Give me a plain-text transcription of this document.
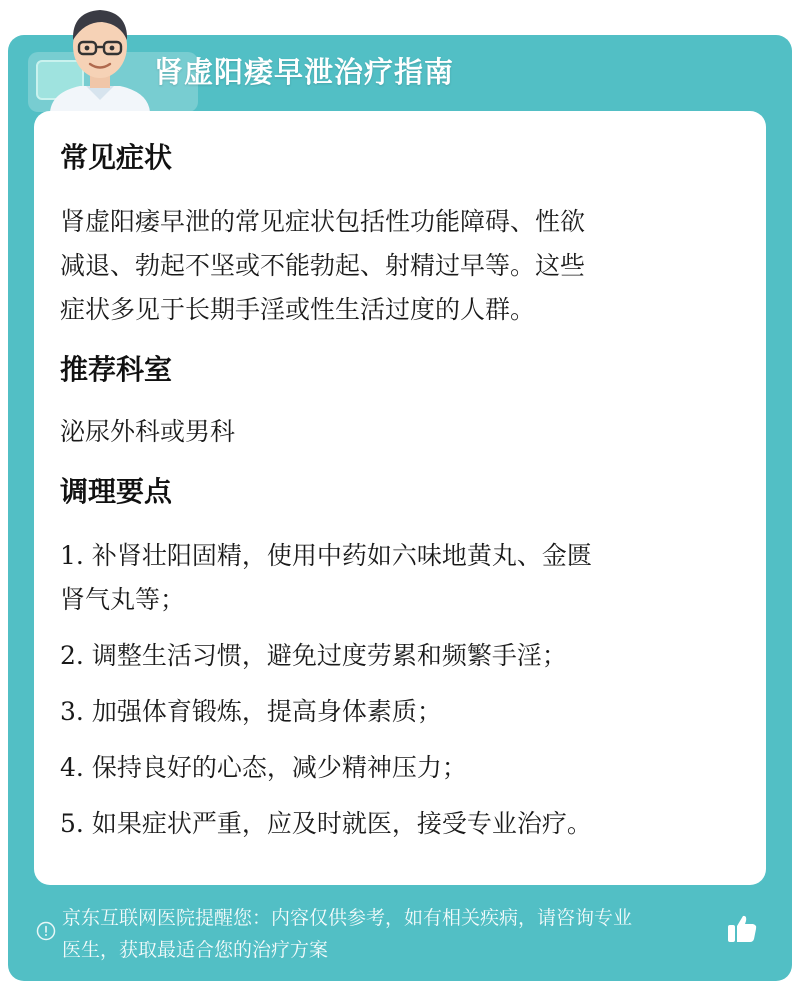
肾虚阳痿早泄治疗指南
常见症状
肾虚阳痿早泄的常见症状包括性功能障碍、性欲
减退、勃起不坚或不能勃起、射精过早等。这些
症状多见于长期手淫或性生活过度的人群。
推荐科室
泌尿外科或男科
调理要点
1. 补肾壮阳固精，使用中药如六味地黄丸、金匮
肾气丸等；
2. 调整生活习惯，避免过度劳累和频繁手淫；
3. 加强体育锻炼，提高身体素质；
4. 保持良好的心态，减少精神压力；
5. 如果症状严重，应及时就医，接受专业治疗。
京东互联网医院提醒您：内容仅供参考，如有相关疾病，请咨询专业
医生，获取最适合您的治疗方案
